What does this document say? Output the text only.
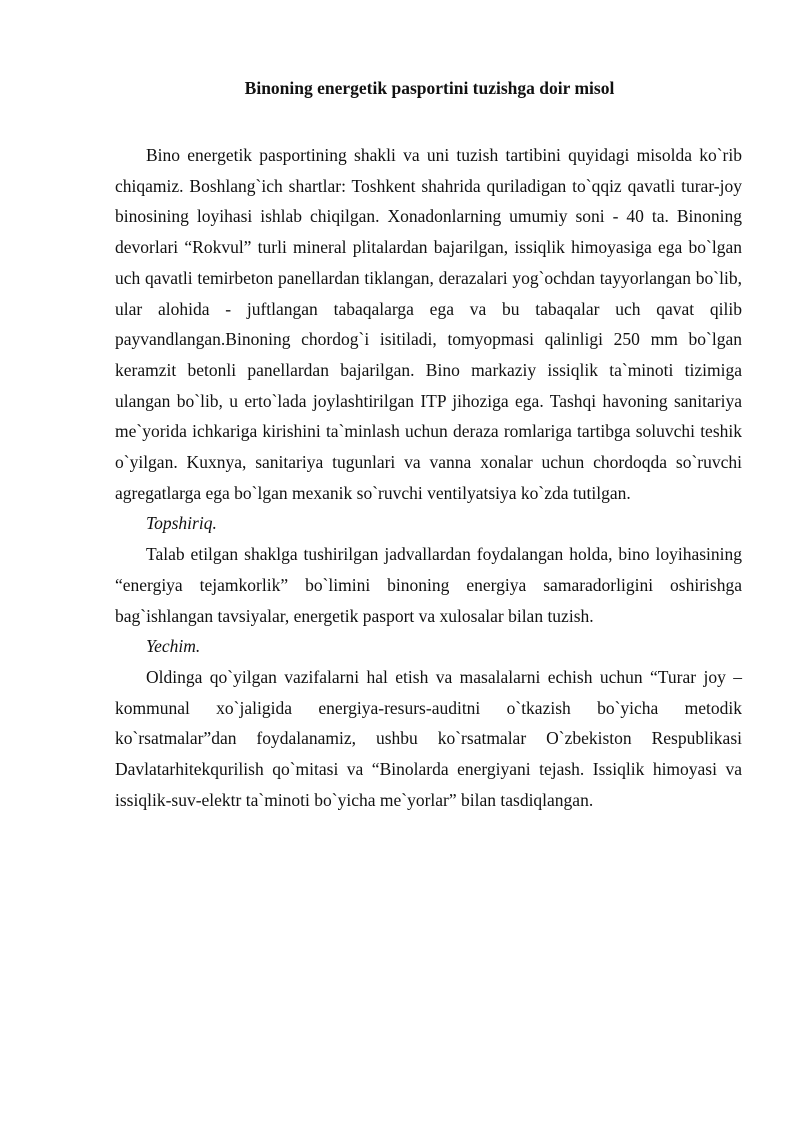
Binoning energetik pasportini tuzishga doir misol

Bino energetik pasportining shakli va uni tuzish tartibini quyidagi misolda ko`rib chiqamiz. Boshlang`ich shartlar: Toshkent shahrida quriladigan to`qqiz qavatli turar-joy binosining loyihasi ishlab chiqilgan. Xonadonlarning umumiy soni - 40 ta. Binoning devorlari “Rokvul” turli mineral plitalardan bajarilgan, issiqlik himoyasiga ega bo`lgan uch qavatli temirbeton panellardan tiklangan, derazalari yog`ochdan tayyorlangan bo`lib, ular alohida - juftlangan tabaqalarga ega va bu tabaqalar uch qavat qilib payvandlangan.Binoning chordog`i isitiladi, tomyopmasi qalinligi 250 mm bo`lgan keramzit betonli panellardan bajarilgan. Bino markaziy issiqlik ta`minoti tizimiga ulangan bo`lib, u erto`lada joylashtirilgan ITP jihoziga ega. Tashqi havoning sanitariya me`yorida ichkariga kirishini ta`minlash uchun deraza romlariga tartibga soluvchi teshik o`yilgan. Kuxnya, sanitariya tugunlari va vanna xonalar uchun chordoqda so`ruvchi agregatlarga ega bo`lgan mexanik so`ruvchi ventilyatsiya ko`zda tutilgan.

Topshiriq.

Talab etilgan shaklga tushirilgan jadvallardan foydalangan holda, bino loyihasining “energiya tejamkorlik” bo`limini binoning energiya samaradorligini oshirishga bag`ishlangan tavsiyalar, energetik pasport va xulosalar bilan tuzish.

Yechim.

Oldinga qo`yilgan vazifalarni hal etish va masalalarni echish uchun “Turar joy – kommunal xo`jaligida energiya-resurs-auditni o`tkazish bo`yicha metodik ko`rsatmalar”dan foydalanamiz, ushbu ko`rsatmalar O`zbekiston Respublikasi Davlatarhitekqurilish qo`mitasi va “Binolarda energiyani tejash. Issiqlik himoyasi va issiqlik-suv-elektr ta`minoti bo`yicha me`yorlar” bilan tasdiqlangan.
